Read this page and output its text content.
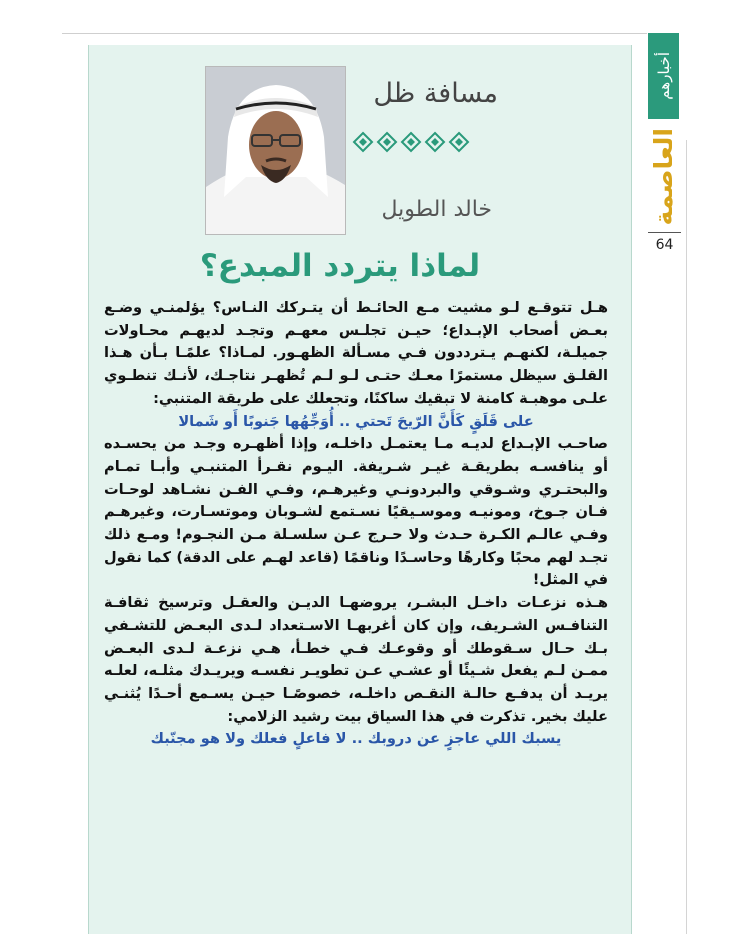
أخبارهم
العاصمة
64
مسافة ظل
خالد الطويل
لماذا يتردد المبدع؟

هـل تتوقـع لـو مشيت مـع الحائـط أن يتـركك النـاس؟ يؤلمنـي وضـع بعـض أصحاب الإبـداع؛ حيـن تجلـس معهـم وتجـد لديهـم محـاولات جميلـة، لكنهـم يـترددون فـي مسـألة الظهـور. لمـاذا؟ علمًـا بـأن هـذا القلـق سيظل مستمرًا معـك حتـى لـو لـم تُظهـر نتاجـك، لأنـك تنطـوي علـى موهبـة كامنة لا تبقيك ساكنًا، وتجعلك على طريقة المتنبي:

على قَلَقٍ كَأَنَّ الرّيحَ تَحتي .. أُوَجِّهُها جَنوبًا أَو شَمالا

صاحـب الإبـداع لديـه مـا يعتمـل داخلـه، وإذا أظهـره وجـد من يحسـده أو ينافسـه بطريقـة غيـر شـريفة. اليـوم نقـرأ المتنبـي وأبـا تمـام والبحتـري وشـوقي والبردونـي وغيرهـم، وفـي الفـن نشـاهد لوحـات فـان جـوخ، ومونيـه وموسـيقيًا نسـتمع لشـوبان وموتسـارت، وغيرهـم وفـي عالـم الكـرة حـدث ولا حـرج عـن سلسـلة مـن النجـوم! ومـع ذلك تجـد لهم محبًا وكارهًا وحاسـدًا وناقمًا (قاعد لهـم على الدقة) كما نقول في المثل!

هـذه نزعـات داخـل البشـر، يروضهـا الديـن والعقـل وترسيخ ثقافـة التنافـس الشـريف، وإن كان أغربهـا الاسـتعداد لـدى البعـض للتشـفي بـك حـال سـقوطك أو وقوعـك فـي خطـأ، هـي نزعـة لـدى البعـض ممـن لـم يفعل شـيئًا أو عشـي عـن تطويـر نفسـه ويريـدك مثلـه، لعلـه يريـد أن يدفـع حالـة النقـص داخلـه، خصوصًـا حيـن يسـمع أحـدًا يُثنـي عليك بخير. تذكرت في هذا السياق بيت رشيد الزلامي:

يسبك اللي عاجزٍ عن دروبك .. لا فاعلٍ فعلك ولا هو مجنّبك
